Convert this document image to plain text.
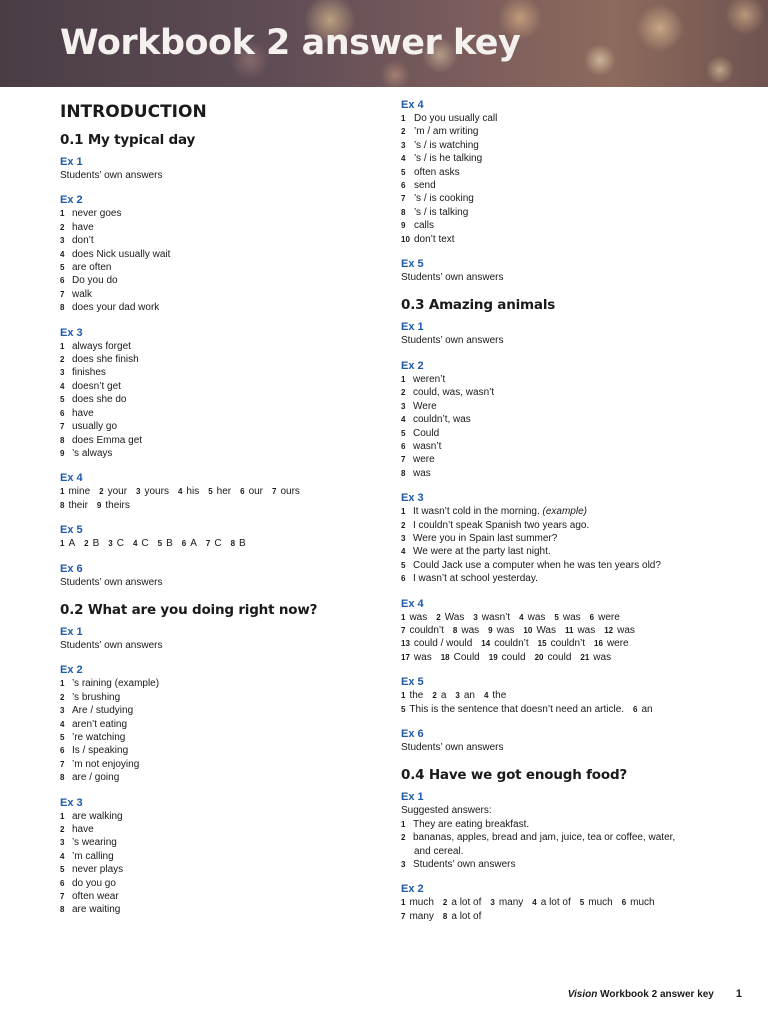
Workbook 2 answer key
INTRODUCTION
0.1 My typical day
Ex 1
Students’ own answers
Ex 2
1 never goes
2 have
3 don’t
4 does Nick usually wait
5 are often
6 Do you do
7 walk
8 does your dad work
Ex 3
1 always forget
2 does she finish
3 finishes
4 doesn’t get
5 does she do
6 have
7 usually go
8 does Emma get
9 ’s always
Ex 4
1 mine 2 your 3 yours 4 his 5 her 6 our 7 ours
8 their 9 theirs
Ex 5
1 A 2 B 3 C 4 C 5 B 6 A 7 C 8 B
Ex 6
Students’ own answers
0.2 What are you doing right now?
Ex 1
Students’ own answers
Ex 2
1 ’s raining (example)
2 ’s brushing
3 Are / studying
4 aren’t eating
5 ’re watching
6 Is / speaking
7 ’m not enjoying
8 are / going
Ex 3
1 are walking
2 have
3 ’s wearing
4 ’m calling
5 never plays
6 do you go
7 often wear
8 are waiting
Ex 4
1 Do you usually call
2 ’m / am writing
3 ’s / is watching
4 ’s / is he talking
5 often asks
6 send
7 ’s / is cooking
8 ’s / is talking
9 calls
10 don’t text
Ex 5
Students’ own answers
0.3 Amazing animals
Ex 1
Students’ own answers
Ex 2
1 weren’t
2 could, was, wasn’t
3 Were
4 couldn’t, was
5 Could
6 wasn’t
7 were
8 was
Ex 3
1 It wasn’t cold in the morning. (example)
2 I couldn’t speak Spanish two years ago.
3 Were you in Spain last summer?
4 We were at the party last night.
5 Could Jack use a computer when he was ten years old?
6 I wasn’t at school yesterday.
Ex 4
1 was 2 Was 3 wasn’t 4 was 5 was 6 were
7 couldn’t 8 was 9 was 10 Was 11 was 12 was
13 could / would 14 couldn’t 15 couldn’t 16 were
17 was 18 Could 19 could 20 could 21 was
Ex 5
1 the 2 a 3 an 4 the
5 This is the sentence that doesn’t need an article. 6 an
Ex 6
Students’ own answers
0.4 Have we got enough food?
Ex 1
Suggested answers:
1 They are eating breakfast.
2 bananas, apples, bread and jam, juice, tea or coffee, water,
and cereal.
3 Students’ own answers
Ex 2
1 much 2 a lot of 3 many 4 a lot of 5 much 6 much
7 many 8 a lot of
Vision Workbook 2 answer key 1
